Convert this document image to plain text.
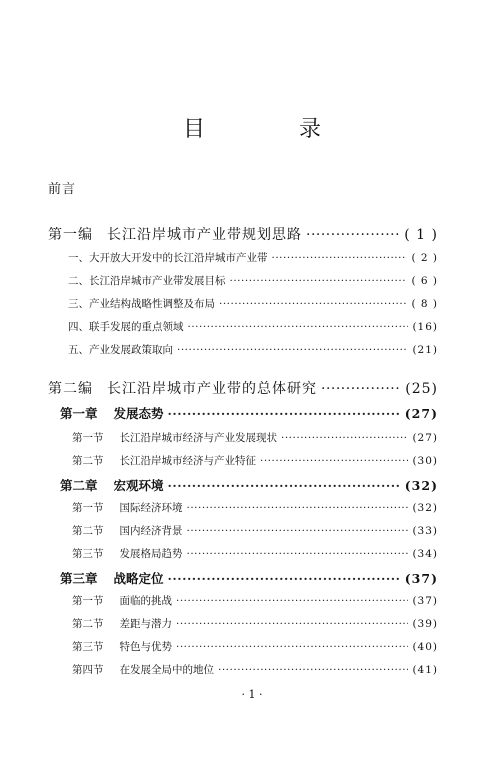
目　录
前言
第一编 长江沿岸城市产业带规划思路 ·····	( 1 )
一、大开放大开发中的长江沿岸城市产业带 ·····	( 2 )
二、长江沿岸城市产业带发展目标 ·····	( 6 )
三、产业结构战略性调整及布局 ·····	( 8 )
四、联手发展的重点领域 ·····	(16)
五、产业发展政策取向 ·····	(21)
第二编 长江沿岸城市产业带的总体研究 ·····	(25)
第一章 发展态势 ·····	(27)
第一节 长江沿岸城市经济与产业发展现状 ·····	(27)
第二节 长江沿岸城市经济与产业特征 ·····	(30)
第二章 宏观环境 ·····	(32)
第一节 国际经济环境 ·····	(32)
第二节 国内经济背景 ·····	(33)
第三节 发展格局趋势 ·····	(34)
第三章 战略定位 ·····	(37)
第一节 面临的挑战 ·····	(37)
第二节 差距与潜力 ·····	(39)
第三节 特色与优势 ·····	(40)
第四节 在发展全局中的地位 ·····	(41)
· 1 ·
